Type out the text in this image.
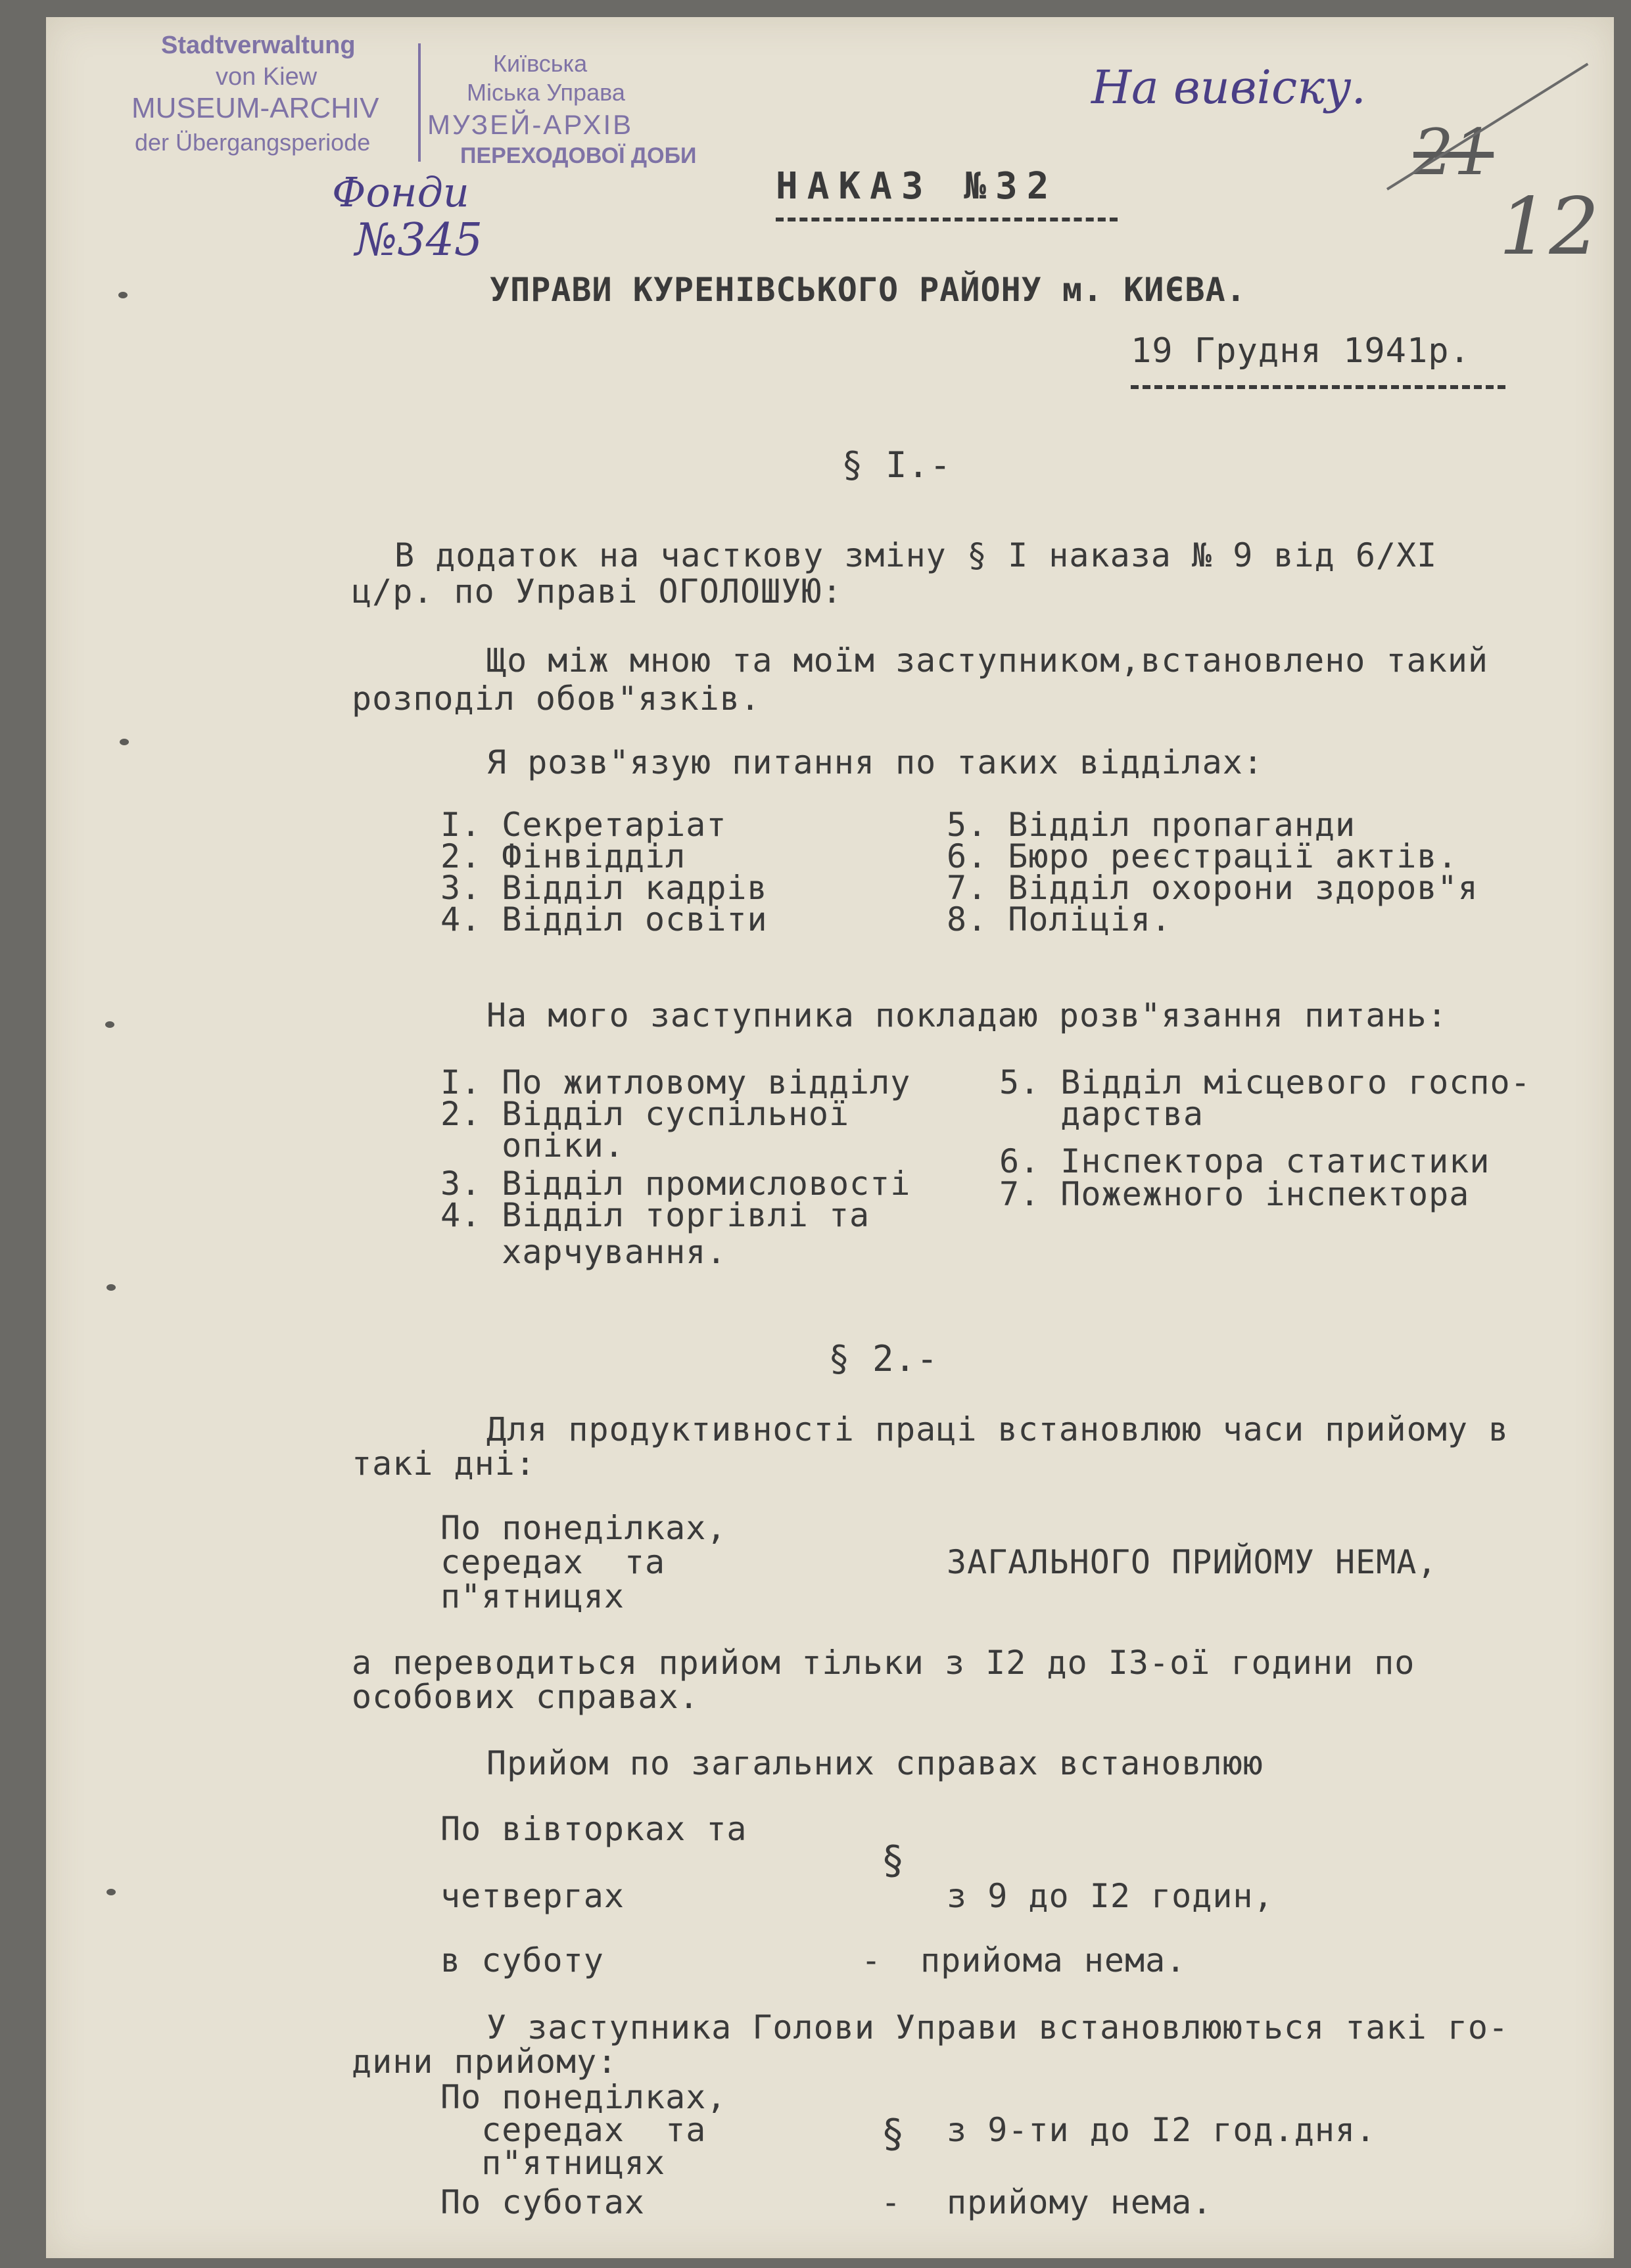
Stadtverwaltung
von Kiew
MUSEUM-ARCHIV
der Übergangsperiode
Київська
Міська Управа
МУЗЕЙ-АРХІВ
ПЕРЕХОДОВОЇ ДОБИ
Фонди
№345
На вивіску.
21
12
НАКАЗ №32
УПРАВИ КУРЕНІВСЬКОГО РАЙОНУ м. КИЄВА.
19 Грудня 1941р.
§ I.-
В додаток на часткову зміну § I наказа № 9 від 6/XI
ц/р. по Управі ОГОЛОШУЮ:
Що між мною та моїм заступником,встановлено такий
розподіл обов"язків.
Я розв"язую питання по таких відділах:
I. Секретаріат
2. Фінвідділ
3. Відділ кадрів
4. Відділ освіти
5. Відділ пропаганди
6. Бюро реєстрації актів.
7. Відділ охорони здоров"я
8. Поліція.
На мого заступника покладаю розв"язання питань:
I. По житловому відділу
2. Відділ суспільної
опіки.
3. Відділ промисловості
4. Відділ торгівлі та
харчування.
5. Відділ місцевого госпо-
дарства
6. Інспектора статистики
7. Пожежного інспектора
§ 2.-
Для продуктивності праці встановлюю часи прийому в
такі дні:
По понеділках,
середах  та
п"ятницях
ЗАГАЛЬНОГО ПРИЙОМУ НЕМА,
а переводиться прийом тільки з I2 до I3-ої години по
особових справах.
Прийом по загальних справах встановлюю
По вівторках та
четвергах
§
з 9 до I2 годин,
в суботу	- прийома нема.
У заступника Голови Управи встановлюються такі го-
дини прийому:
По понеділках,
середах  та
п"ятницях
§ з 9-ти до I2 год.дня.
По суботах	- прийому нема.
